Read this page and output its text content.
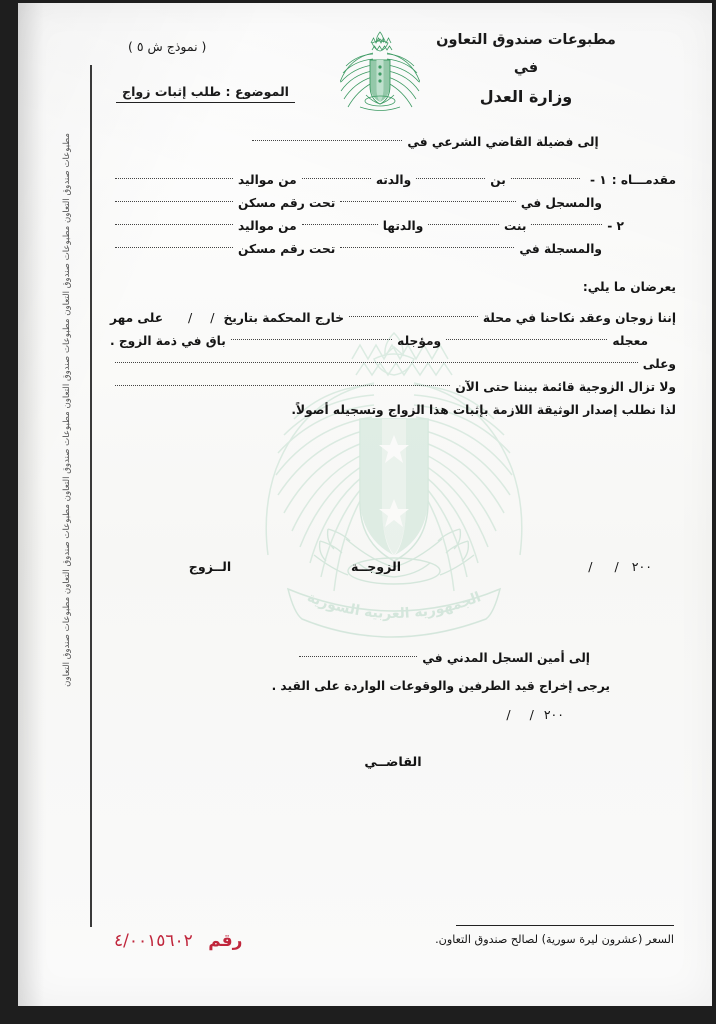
الجمهورية العربية السورية
مطبوعات صندوق التعاون مطبوعات صندوق التعاون مطبوعات صندوق التعاون مطبوعات صندوق التعاون مطبوعات صندوق التعاون مطبوعات صندوق التعاون
( نموذج ش ٥ )
الموضوع : طلب إثبات زواج
مطبوعات صندوق التعاون
في
وزارة العدل
إلى فضيلة القاضي الشرعي في
مقدمـــاه :
١ -
بن
والدته
من مواليد
والمسجل في
تحت رقم مسكن
٢ -
بنت
والدتها
من مواليد
والمسجلة في
تحت رقم مسكن
يعرضان ما يلي:
إننا زوجان وعقد نكاحنا في محلة
خارج المحكمة بتاريخ
/
/
على مهر
معجله
ومؤجله
باق في ذمة الزوج .
وعلى
ولا تزال الزوجية قائمة بيننا حتى الآن
لذا نطلب إصدار الوثيقة اللازمة بإثبات هذا الزواج وتسجيله أصولاً.
٢٠٠ / /
الزوجــة
الــزوج
إلى أمين السجل المدني في
يرجى إخراج قيد الطرفين والوقوعات الواردة على القيد .
٢٠٠
/
/
القاضــي
السعر (عشرون ليرة سورية) لصالح صندوق التعاون.
رقم ٤/٠٠١٥٦٠٢
